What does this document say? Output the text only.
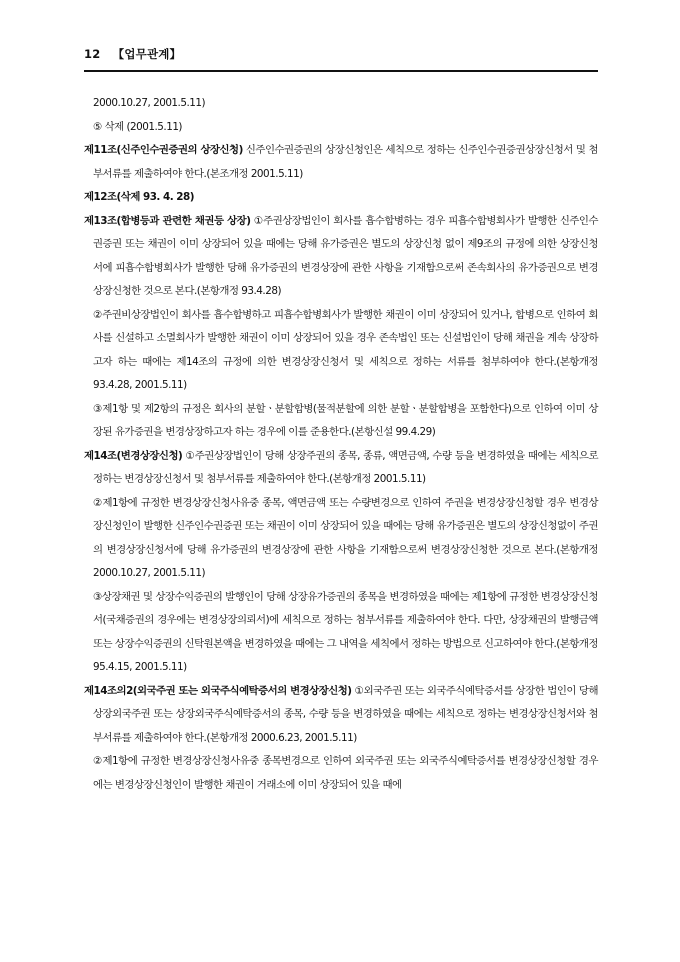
12 【업무관계】
2000.10.27, 2001.5.11)
⑤ 삭제 (2001.5.11)
제11조(신주인수권증권의 상장신청) 신주인수권증권의 상장신청인은 세칙으로 정하는 신주인수권증권상장신청서 및 첨부서류를 제출하여야 한다.(본조개정 2001.5.11)
제12조(삭제 93. 4. 28)
제13조(합병등과 관련한 채권등 상장) ①주권상장법인이 회사를 흡수합병하는 경우 피흡수합병회사가 발행한 신주인수권증권 또는 채권이 이미 상장되어 있을 때에는 당해 유가증권은 별도의 상장신청 없이 제9조의 규정에 의한 상장신청서에 피흡수합병회사가 발행한 당해 유가증권의 변경상장에 관한 사항을 기재함으로써 존속회사의 유가증권으로 변경상장신청한 것으로 본다.(본항개정 93.4.28)
②주권비상장법인이 회사를 흡수합병하고 피흡수합병회사가 발행한 채권이 이미 상장되어 있거나, 합병으로 인하여 회사를 신설하고 소멸회사가 발행한 채권이 이미 상장되어 있을 경우 존속법인 또는 신설법인이 당해 채권을 계속 상장하고자 하는 때에는 제14조의 규정에 의한 변경상장신청서 및 세칙으로 정하는 서류를 첨부하여야 한다.(본항개정 93.4.28, 2001.5.11)
③제1항 및 제2항의 규정은 회사의 분할ㆍ분할합병(물적분할에 의한 분할ㆍ분할합병을 포함한다)으로 인하여 이미 상장된 유가증권을 변경상장하고자 하는 경우에 이를 준용한다.(본항신설 99.4.29)
제14조(변경상장신청) ①주권상장법인이 당해 상장주권의 종목, 종류, 액면금액, 수량 등을 변경하였을 때에는 세칙으로 정하는 변경상장신청서 및 첨부서류를 제출하여야 한다.(본항개정 2001.5.11)
②제1항에 규정한 변경상장신청사유중 종목, 액면금액 또는 수량변경으로 인하여 주권을 변경상장신청할 경우 변경상장신청인이 발행한 신주인수권증권 또는 채권이 이미 상장되어 있을 때에는 당해 유가증권은 별도의 상장신청없이 주권의 변경상장신청서에 당해 유가증권의 변경상장에 관한 사항을 기재함으로써 변경상장신청한 것으로 본다.(본항개정 2000.10.27, 2001.5.11)
③상장채권 및 상장수익증권의 발행인이 당해 상장유가증권의 종목을 변경하였을 때에는 제1항에 규정한 변경상장신청서(국채증권의 경우에는 변경상장의뢰서)에 세칙으로 정하는 첨부서류를 제출하여야 한다. 다만, 상장채권의 발행금액 또는 상장수익증권의 신탁원본액을 변경하였을 때에는 그 내역을 세칙에서 정하는 방법으로 신고하여야 한다.(본항개정 95.4.15, 2001.5.11)
제14조의2(외국주권 또는 외국주식예탁증서의 변경상장신청) ①외국주권 또는 외국주식예탁증서를 상장한 법인이 당해 상장외국주권 또는 상장외국주식예탁증서의 종목, 수량 등을 변경하였을 때에는 세칙으로 정하는 변경상장신청서와 첨부서류를 제출하여야 한다.(본항개정 2000.6.23, 2001.5.11)
②제1항에 규정한 변경상장신청사유중 종목변경으로 인하여 외국주권 또는 외국주식예탁증서를 변경상장신청할 경우에는 변경상장신청인이 발행한 채권이 거래소에 이미 상장되어 있을 때에
